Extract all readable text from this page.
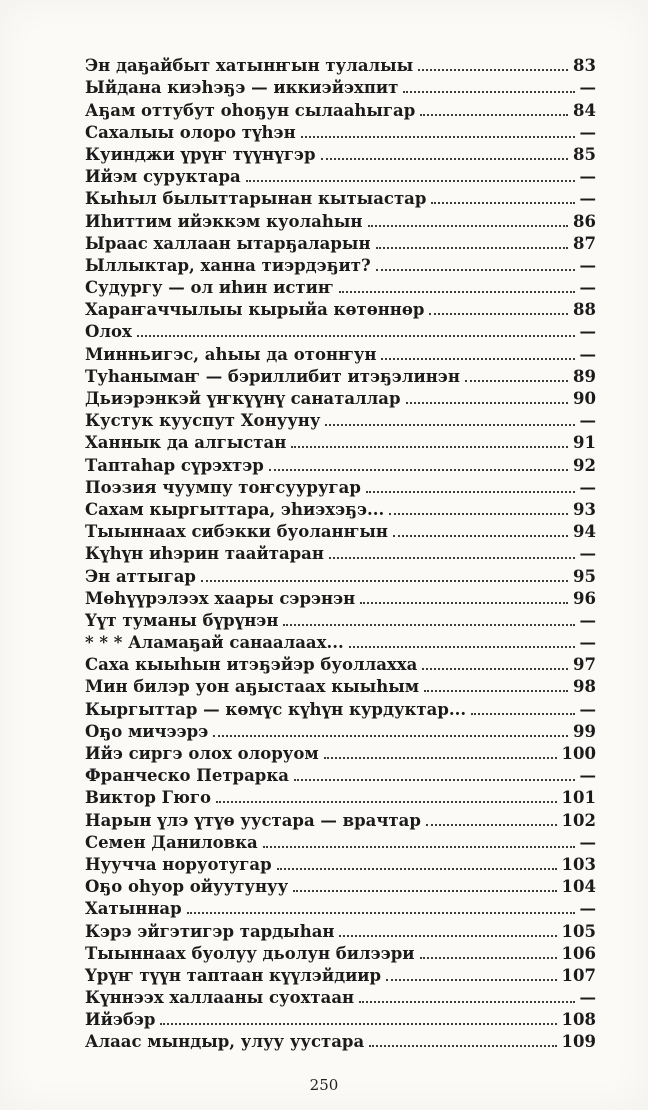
Эн даҕайбыт хатынҥын тулалыы	83
Ыйдана киэһэҕэ — иккиэйэхпит	—
Аҕам оттубут оһоҕун сылааһыгар	84
Сахалыы олоро түһэн	—
Куинджи үрүҥ түүнүгэр	85
Ийэм суруктара	—
Кыһыл былыттарынан кытыастар	—
Иһиттим ийэккэм куолаһын	86
Ыраас халлаан ытарҕаларын	87
Ыллыктар, ханна тиэрдэҕит?	—
Судургу — ол иһин истиҥ	—
Хараҥаччылыы кырыйа көтөннөр	88
Олох	—
Минньигэс, аһыы да отонҥун	—
Туһанымаҥ — бэриллибит итэҕэлинэн	89
Дьиэрэнкэй үҥкүүнү санаталлар	90
Кустук кууспут Хонууну	—
Ханнык да алгыстан	91
Таптаһар сүрэхтэр	92
Поэзия чуумпу тоҥсууругар	—
Сахам кыргыттара, эһиэхэҕэ...	93
Тыыннаах сибэкки буоланҥын	94
Күһүн иһэрин таайтаран	—
Эн аттыгар	95
Мөһүүрэлээх хаары сэрэнэн	96
Үүт туманы бүрүнэн	—
* * * Аламаҕай санаалаах...	—
Саха кыыһын итэҕэйэр буоллахха	97
Мин билэр уон аҕыстаах кыыһым	98
Кыргыттар — көмүс күһүн курдуктар...	—
Оҕо мичээрэ	99
Ийэ сиргэ олох олоруом	100
Франческо Петрарка	—
Виктор Гюго	101
Нарын үлэ үтүө уустара — врачтар	102
Семен Даниловка	—
Нуучча норуотугар	103
Оҕо оһуор ойуутунуу	104
Хатыннар	—
Кэрэ эйгэтигэр тардыһан	105
Тыыннаах буолуу дьолун билээри	106
Үрүҥ түүн таптаан күүлэйдиир	107
Күннээх халлааны суохтаан	—
Ийэбэр	108
Алаас мындыр, улуу уустара	109
250
